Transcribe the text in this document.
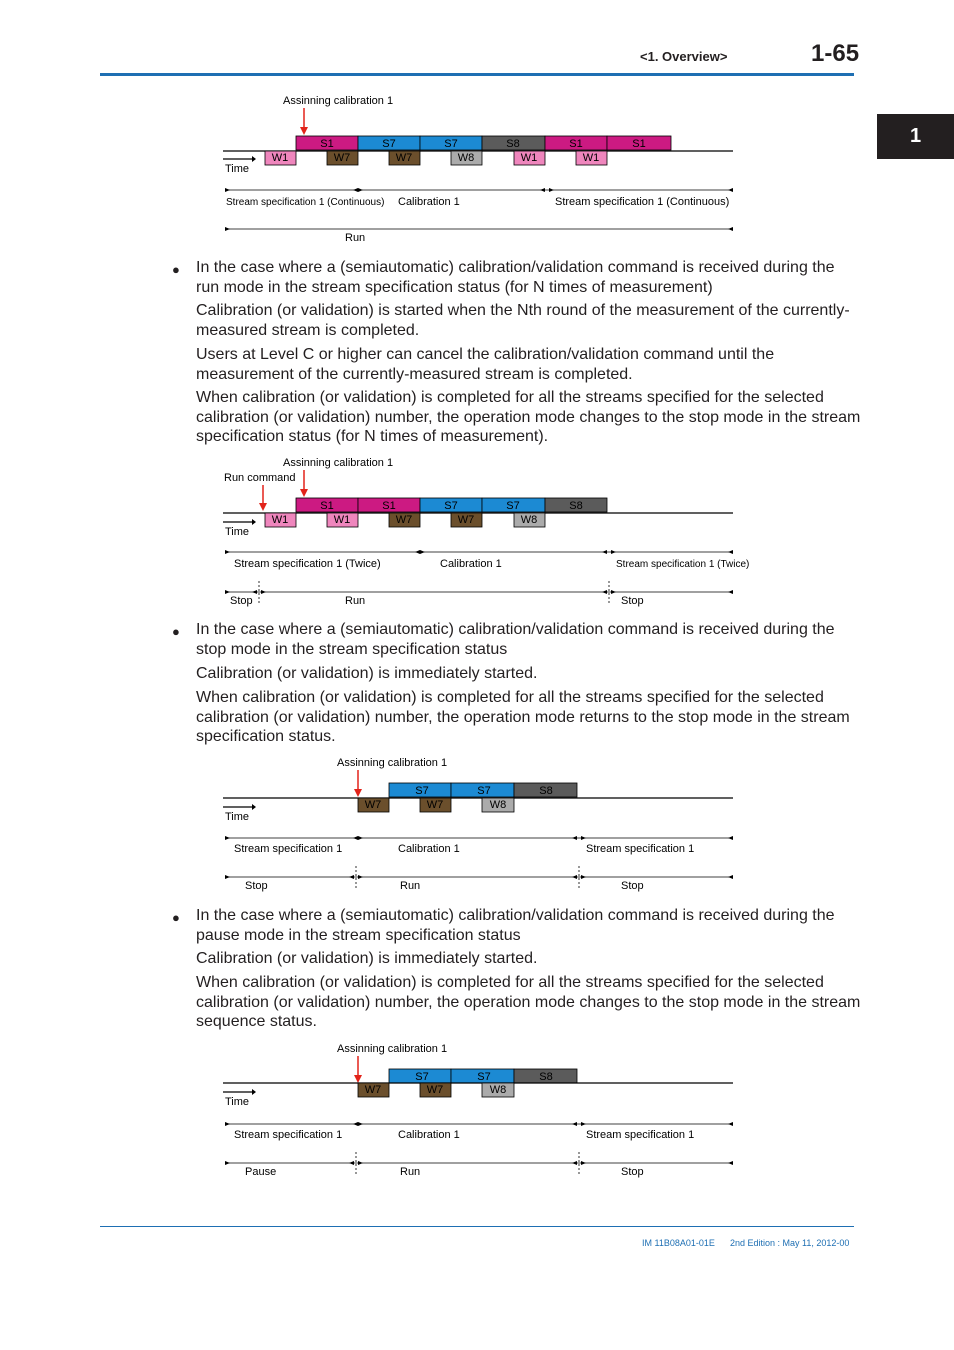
<1. Overview>	1-65
1
Assinning calibration 1
S1	S7	S7	S8	S1	S1
W1	W7	W7	W8	W1	W1
Time
Stream specification 1 (Continuous) Calibration 1	Stream specification 1 (Continuous)
Run
● In the case where a (semiautomatic) calibration/validation command is received during the run mode in the stream specification status (for N times of measurement)

Calibration (or validation) is started when the Nth round of the measurement of the currently-measured stream is completed.

Users at Level C or higher can cancel the calibration/validation command until the measurement of the currently-measured stream is completed.

When calibration (or validation) is completed for all the streams specified for the selected calibration (or validation) number, the operation mode changes to the stop mode in the stream specification status (for N times of measurement).

Assinning calibration 1
Run command
S1	S1	S7	S7	S8
W1	W1	W7	W7	W8
Time
Stream specification 1 (Twice)	Calibration 1	Stream specification 1 (Twice)
Stop	Run	Stop
● In the case where a (semiautomatic) calibration/validation command is received during the stop mode in the stream specification status

Calibration (or validation) is immediately started.

When calibration (or validation) is completed for all the streams specified for the selected calibration (or validation) number, the operation mode returns to the stop mode in the stream specification status.

Assinning calibration 1
S7	S7	S8
W7	W7	W8
Time
Stream specification 1	Calibration 1	Stream specification 1
Stop	Run	Stop
● In the case where a (semiautomatic) calibration/validation command is received during the pause mode in the stream specification status

Calibration (or validation) is immediately started.

When calibration (or validation) is completed for all the streams specified for the selected calibration (or validation) number, the operation mode changes to the stop mode in the stream sequence status.

Assinning calibration 1
S7	S7	S8
W7	W7	W8
Time
Stream specification 1	Calibration 1	Stream specification 1
Pause	Run	Stop
IM 11B08A01-01E 2nd Edition : May 11, 2012-00
